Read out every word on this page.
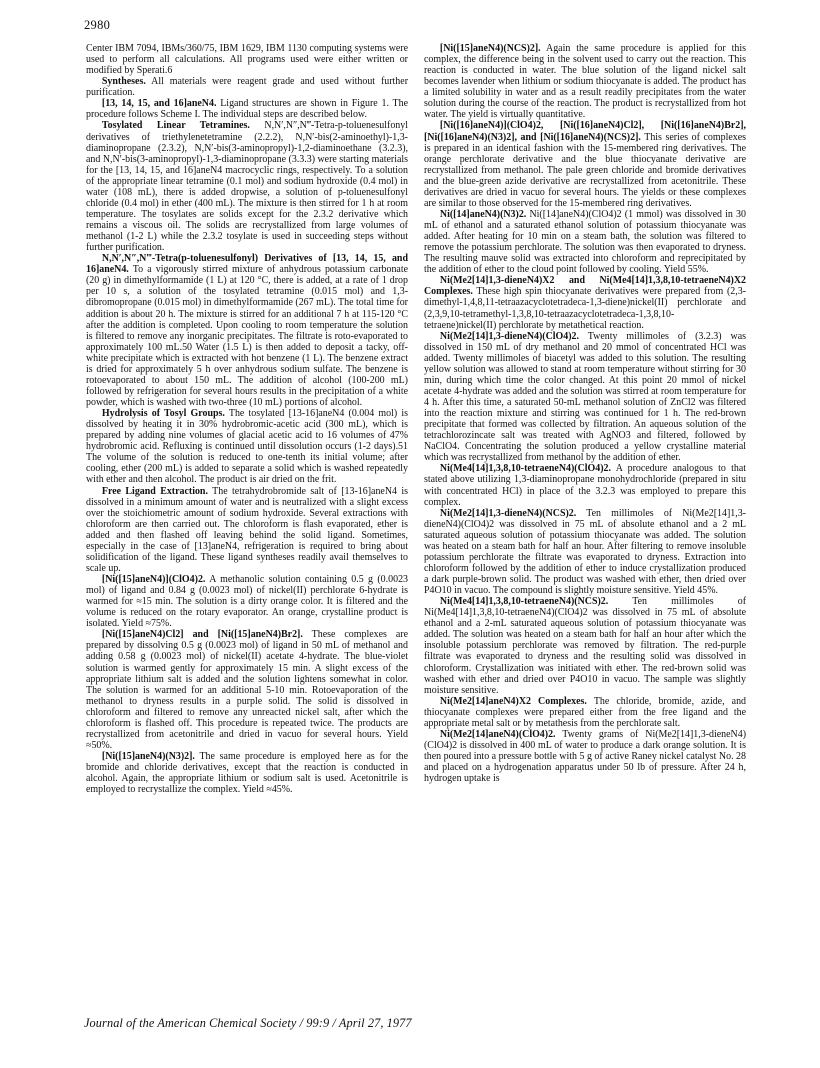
2980

Center IBM 7094, IBMs/360/75, IBM 1629, IBM 1130 computing systems were used to perform all calculations. All programs used were either written or modified by Sperati.6

Syntheses. All materials were reagent grade and used without further purification.

[13, 14, 15, and 16]aneN4. Ligand structures are shown in Figure 1. The procedure follows Scheme I. The individual steps are described below.

Tosylated Linear Tetramines. N,N′,N″,N‴-Tetra-p-toluenesulfonyl derivatives of triethylenetetramine (2.2.2), N,N′-bis(2-aminoethyl)-1,3-diaminopropane (2.3.2), N,N′-bis(3-aminopropyl)-1,2-diaminoethane (3.2.3), and N,N′-bis(3-aminopropyl)-1,3-diaminopropane (3.3.3) were starting materials for the [13, 14, 15, and 16]aneN4 macrocyclic rings, respectively. To a solution of the appropriate linear tetramine (0.1 mol) and sodium hydroxide (0.4 mol) in water (108 mL), there is added dropwise, a solution of p-toluenesulfonyl chloride (0.4 mol) in ether (400 mL). The mixture is then stirred for 1 h at room temperature. The tosylates are solids except for the 2.3.2 derivative which remains a viscous oil. The solids are recrystallized from large volumes of methanol (1-2 L) while the 2.3.2 tosylate is used in succeeding steps without further purification.

N,N′,N″,N‴-Tetra(p-toluenesulfonyl) Derivatives of [13, 14, 15, and 16]aneN4. To a vigorously stirred mixture of anhydrous potassium carbonate (20 g) in dimethylformamide (1 L) at 120 °C, there is added, at a rate of 1 drop per 10 s, a solution of the tosylated tetramine (0.015 mol) and 1,3-dibromopropane (0.015 mol) in dimethylformamide (267 mL). The total time for addition is about 20 h. The mixture is stirred for an additional 7 h at 115-120 °C after the addition is completed. Upon cooling to room temperature the solution is filtered to remove any inorganic precipitates. The filtrate is roto-evaporated to approximately 100 mL.50 Water (1.5 L) is then added to deposit a tacky, off-white precipitate which is extracted with hot benzene (1 L). The benzene extract is dried for approximately 5 h over anhydrous sodium sulfate. The benzene is rotoevaporated to about 150 mL. The addition of alcohol (100-200 mL) followed by refrigeration for several hours results in the precipitation of a white powder, which is washed with two-three (10 mL) portions of alcohol.

Hydrolysis of Tosyl Groups. The tosylated [13-16]aneN4 (0.004 mol) is dissolved by heating it in 30% hydrobromic-acetic acid (300 mL), which is prepared by adding nine volumes of glacial acetic acid to 16 volumes of 47% hydrobromic acid. Refluxing is continued until dissolution occurs (1-2 days).51 The volume of the solution is reduced to one-tenth its initial volume; after cooling, ether (200 mL) is added to separate a solid which is washed repeatedly with ether and then alcohol. The product is air dried on the frit.

Free Ligand Extraction. The tetrahydrobromide salt of [13-16]aneN4 is dissolved in a minimum amount of water and is neutralized with a slight excess over the stoichiometric amount of sodium hydroxide. Several extractions with chloroform are then carried out. The chloroform is flash evaporated, ether is added and then flashed off leaving behind the solid ligand. Sometimes, especially in the case of [13]aneN4, refrigeration is required to bring about solidification of the ligand. These ligand syntheses readily avail themselves to scale up.

[Ni([15]aneN4)](ClO4)2. A methanolic solution containing 0.5 g (0.0023 mol) of ligand and 0.84 g (0.0023 mol) of nickel(II) perchlorate 6-hydrate is warmed for ≈15 min. The solution is a dirty orange color. It is filtered and the volume is reduced on the rotary evaporator. An orange, crystalline product is isolated. Yield ≈75%.

[Ni([15]aneN4)Cl2] and [Ni([15]aneN4)Br2]. These complexes are prepared by dissolving 0.5 g (0.0023 mol) of ligand in 50 mL of methanol and adding 0.58 g (0.0023 mol) of nickel(II) acetate 4-hydrate. The blue-violet solution is warmed gently for approximately 15 min. A slight excess of the appropriate lithium salt is added and the solution lightens somewhat in color. The solution is warmed for an additional 5-10 min. Rotoevaporation of the methanol to dryness results in a purple solid. The solid is dissolved in chloroform and filtered to remove any unreacted nickel salt, after which the chloroform is flashed off. This procedure is repeated twice. The products are recrystallized from acetonitrile and dried in vacuo for several hours. Yield ≈50%.

[Ni([15]aneN4)(N3)2]. The same procedure is employed here as for the bromide and chloride derivatives, except that the reaction is conducted in alcohol. Again, the appropriate lithium or sodium salt is used. Acetonitrile is employed to recrystallize the complex. Yield ≈45%.

[Ni([15]aneN4)(NCS)2]. Again the same procedure is applied for this complex, the difference being in the solvent used to carry out the reaction. This reaction is conducted in water. The blue solution of the ligand nickel salt becomes lavender when lithium or sodium thiocyanate is added. The product has a limited solubility in water and as a result readily precipitates from the water solution during the course of the reaction. The product is recrystallized from hot water. The yield is virtually quantitative.

[Ni([16]aneN4)](ClO4)2, [Ni([16]aneN4)Cl2], [Ni([16]aneN4)Br2], [Ni([16]aneN4)(N3)2], and [Ni([16]aneN4)(NCS)2]. This series of complexes is prepared in an identical fashion with the 15-membered ring derivatives. The orange perchlorate derivative and the blue thiocyanate derivative are recrystallized from methanol. The pale green chloride and bromide derivatives and the blue-green azide derivative are recrystallized from acetonitrile. These derivatives are dried in vacuo for several hours. The yields or these complexes are similar to those observed for the 15-membered ring derivatives.

Ni([14]aneN4)(N3)2. Ni([14]aneN4)(ClO4)2 (1 mmol) was dissolved in 30 mL of ethanol and a saturated ethanol solution of potassium thiocyanate was added. After heating for 10 min on a steam bath, the solution was filtered to remove the potassium perchlorate. The solution was then evaporated to dryness. The resulting mauve solid was extracted into chloroform and reprecipitated by the addition of ether to the cloud point followed by cooling. Yield 55%.

Ni(Me2[14]1,3-dieneN4)X2 and Ni(Me4[14]1,3,8,10-tetraeneN4)X2 Complexes. These high spin thiocyanate derivatives were prepared from (2,3-dimethyl-1,4,8,11-tetraazacyclotetradeca-1,3-diene)nickel(II) perchlorate and (2,3,9,10-tetramethyl-1,3,8,10-tetraazacyclotetradeca-1,3,8,10-tetraene)nickel(II) perchlorate by metathetical reaction.

Ni(Me2[14]1,3-dieneN4)(ClO4)2. Twenty millimoles of (3.2.3) was dissolved in 150 mL of dry methanol and 20 mmol of concentrated HCl was added. Twenty millimoles of biacetyl was added to this solution. The resulting yellow solution was allowed to stand at room temperature without stirring for 30 min, during which time the color changed. At this point 20 mmol of nickel acetate 4-hydrate was added and the solution was stirred at room temperature for 4 h. After this time, a saturated 50-mL methanol solution of ZnCl2 was filtered into the reaction mixture and stirring was continued for 1 h. The red-brown precipitate that formed was collected by filtration. An aqueous solution of the tetrachlorozincate salt was treated with AgNO3 and filtered, followed by NaClO4. Concentrating the solution produced a yellow crystalline material which was recrystallized from methanol by the addition of ether.

Ni(Me4[14]1,3,8,10-tetraeneN4)(ClO4)2. A procedure analogous to that stated above utilizing 1,3-diaminopropane monohydrochloride (prepared in situ with concentrated HCl) in place of the 3.2.3 was employed to prepare this complex.

Ni(Me2[14]1,3-dieneN4)(NCS)2. Ten millimoles of Ni(Me2[14]1,3-dieneN4)(ClO4)2 was dissolved in 75 mL of absolute ethanol and a 2 mL saturated aqueous solution of potassium thiocyanate was added. The solution was heated on a steam bath for half an hour. After filtering to remove insoluble potassium perchlorate the filtrate was evaporated to dryness. Extraction into chloroform followed by the addition of ether to induce crystallization produced a dark purple-brown solid. The product was washed with ether, then dried over P4O10 in vacuo. The compound is slightly moisture sensitive. Yield 45%.

Ni(Me4[14]1,3,8,10-tetraeneN4)(NCS)2. Ten millimoles of Ni(Me4[14]1,3,8,10-tetraeneN4)(ClO4)2 was dissolved in 75 mL of absolute ethanol and a 2-mL saturated aqueous solution of potassium thiocyanate was added. The solution was heated on a steam bath for half an hour after which the insoluble potassium perchlorate was removed by filtration. The red-purple filtrate was evaporated to dryness and the resulting solid was dissolved in chloroform. Crystallization was initiated with ether. The red-brown solid was washed with ether and dried over P4O10 in vacuo. The sample was slightly moisture sensitive.

Ni(Me2[14]aneN4)X2 Complexes. The chloride, bromide, azide, and thiocyanate complexes were prepared either from the free ligand and the appropriate metal salt or by metathesis from the perchlorate salt.

Ni(Me2[14]aneN4)(ClO4)2. Twenty grams of Ni(Me2[14]1,3-dieneN4)(ClO4)2 is dissolved in 400 mL of water to produce a dark orange solution. It is then poured into a pressure bottle with 5 g of active Raney nickel catalyst No. 28 and placed on a hydrogenation apparatus under 50 lb of pressure. After 24 h, hydrogen uptake is

Journal of the American Chemical Society / 99:9 / April 27, 1977
